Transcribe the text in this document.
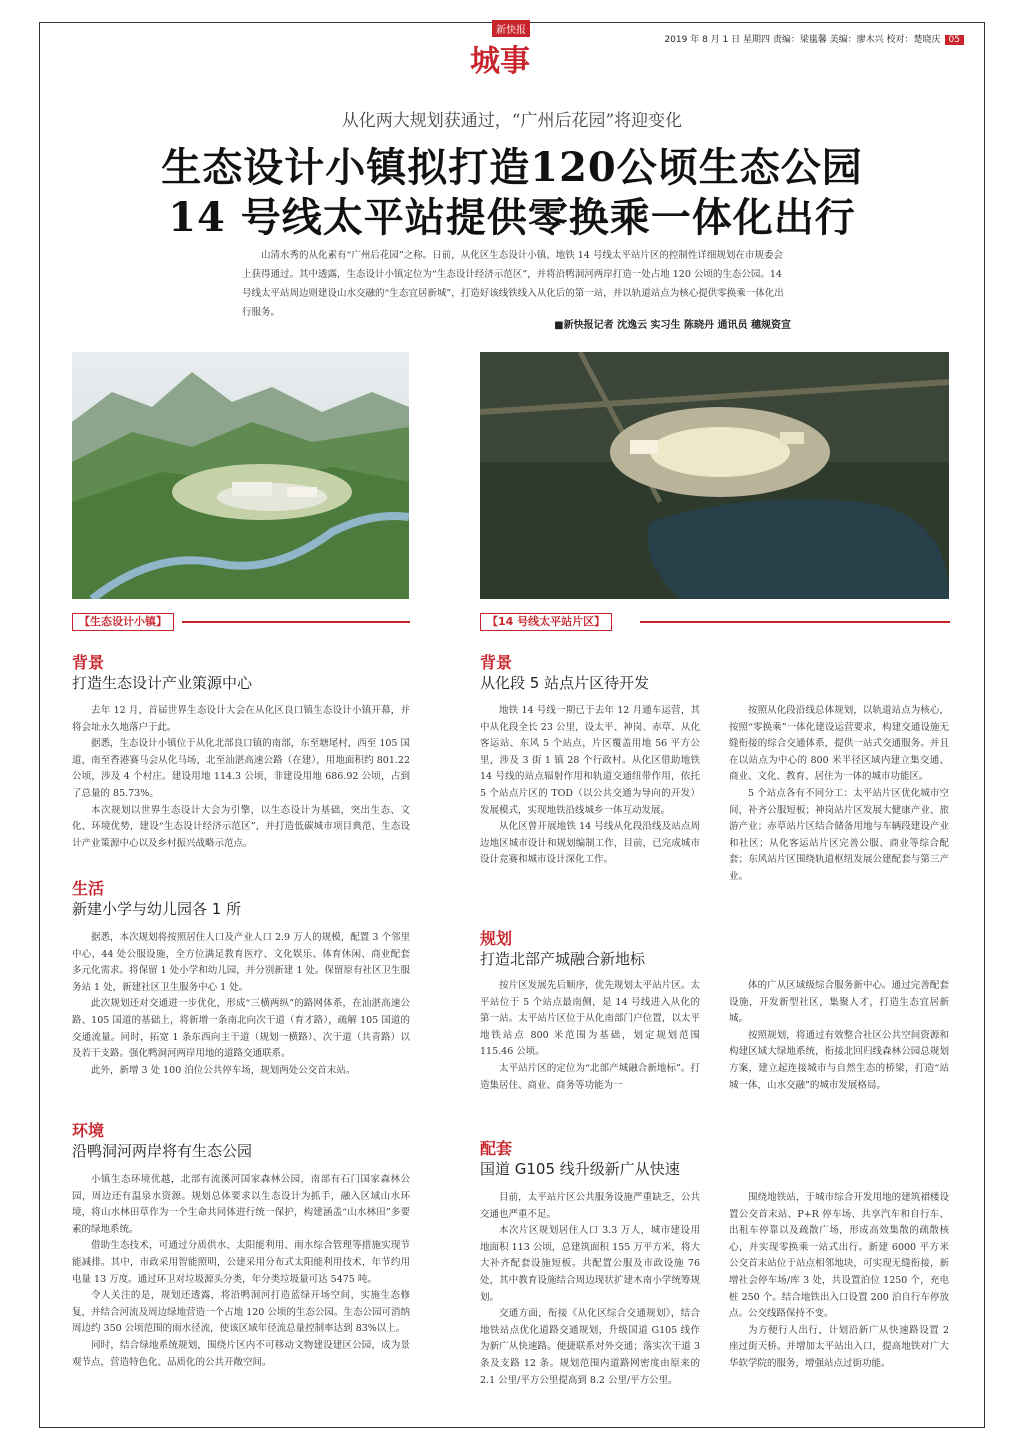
新快报
城事
2019 年 8 月 1 日 星期四 责编：梁嵐馨 美编：廖木兴 校对：楚晓庆 05
从化两大规划获通过，“广州后花园”将迎变化
生态设计小镇拟打造120公顷生态公园
14 号线太平站提供零换乘一体化出行
山清水秀的从化素有“广州后花园”之称。日前，从化区生态设计小镇、地铁 14 号线太平站片区的控制性详细规划在市规委会上获得通过。其中透露，生态设计小镇定位为“生态设计经济示范区”，并将沿鸭洞河两岸打造一处占地 120 公顷的生态公园。14 号线太平站周边则建设山水交融的“生态宜居新城”，打造好该线铁线入从化后的第一站，并以轨道站点为核心提供零换乘一体化出行服务。
■新快报记者 沈逸云 实习生 陈晓丹 通讯员 穗规资宣
【生态设计小镇】	【14 号线太平站片区】
背景
打造生态设计产业策源中心

去年 12 月，首届世界生态设计大会在从化区良口镇生态设计小镇开幕，并将会址永久地落户于此。

据悉，生态设计小镇位于从化北部良口镇的南部，东至塘尾村，西至 105 国道，南至香港赛马会从化马场，北至汕湛高速公路（在建），用地面积约 801.22 公顷，涉及 4 个村庄。建设用地 114.3 公顷，非建设用地 686.92 公顷，占到了总量的 85.73%。

本次规划以世界生态设计大会为引擎，以生态设计为基础，突出生态、文化、环境优势，建设“生态设计经济示范区”，并打造低碳城市项目典范、生态设计产业策源中心以及乡村振兴战略示范点。

生活
新建小学与幼儿园各 1 所

据悉，本次规划将按照居住人口及产业人口 2.9 万人的规模，配置 3 个邻里中心，44 处公服设施，全方位满足教育医疗、文化娱乐、体育休闲、商业配套多元化需求。将保留 1 处小学和幼儿园，并分别新建 1 处。保留原有社区卫生服务站 1 处，新建社区卫生服务中心 1 处。

此次规划还对交通进一步优化，形成“三横两纵”的路网体系，在汕湛高速公路、105 国道的基础上，将新增一条南北向次干道（育才路），疏解 105 国道的交通流量。同时，拓宽 1 条东西向主干道（规划一横路）、次干道（共青路）以及若干支路。强化鸭洞河两岸用地的道路交通联系。

此外，新增 3 处 100 泊位公共停车场，规划两处公交首末站。

环境
沿鸭洞河两岸将有生态公园

小镇生态环境优越，北部有流溪河国家森林公园，南部有石门国家森林公园，周边还有温泉水资源。规划总体要求以生态设计为抓手，融入区域山水环境，将山水林田草作为一个生命共同体进行统一保护，构建涵盖“山水林田”多要素的绿地系统。

借助生态技术，可通过分质供水、太阳能利用、雨水综合管理等措施实现节能减排。其中，市政采用智能照明，公建采用分布式太阳能利用技术，年节约用电量 13 万度。通过环卫对垃圾源头分类，年分类垃圾量可达 5475 吨。

令人关注的是，规划还透露，将沿鸭洞河打造蓝绿开场空间，实施生态修复，并结合河流及周边绿地营造一个占地 120 公顷的生态公园。生态公园可消纳周边约 350 公顷范围的雨水径流，使该区域年径流总量控制率达到 83%以上。

同时，结合绿地系统规划，围绕片区内不可移动文物建设建区公园，成为景观节点，营造特色化、品质化的公共开敞空间。

背景
从化段 5 站点片区待开发

地铁 14 号线一期已于去年 12 月通车运营，其中从化段全长 23 公里，设太平、神岗、赤草、从化客运站、东风 5 个站点，片区覆盖用地 56 平方公里，涉及 3 街 1 镇 28 个行政村。从化区借助地铁 14 号线的站点辐射作用和轨道交通纽带作用，依托 5 个站点片区的 TOD（以公共交通为导向的开发）发展模式，实现地铁沿线城乡一体互动发展。

从化区曾开展地铁 14 号线从化段沿线及站点周边地区城市设计和规划编制工作，目前，已完成城市设计竞赛和城市设计深化工作。

按照从化段沿线总体规划，以轨道站点为核心，按照“零换乘”一体化建设运营要求，构建交通设施无缝衔接的综合交通体系，提供一站式交通服务。并且在以站点为中心的 800 米半径区域内建立集交通、商业、文化、教育、居住为一体的城市功能区。

5 个站点各有不同分工：太平站片区优化城市空间，补齐公服短板；神岗站片区发展大健康产业、旅游产业；赤草站片区结合储备用地与车辆段建设产业和社区；从化客运站片区完善公服、商业等综合配套；东风站片区围绕轨道枢纽发展公建配套与第三产业。

规划
打造北部产城融合新地标

按片区发展先后顺序，优先规划太平站片区。太平站位于 5 个站点最南侧，是 14 号线进入从化的第一站。太平站片区位于从化南部门户位置，以太平地铁站点 800 米范围为基础，划定规划范围 115.46 公顷。

太平站片区的定位为“北部产城融合新地标”。打造集居住、商业、商务等功能为一

体的广从区域级综合服务新中心。通过完善配套设施，开发新型社区，集聚人才，打造生态宜居新城。

按照规划，将通过有效整合社区公共空间资源和构建区域大绿地系统，衔接北回归线森林公园总规划方案，建立起连接城市与自然生态的桥梁，打造“站城一体，山水交融”的城市发展格局。

配套
国道 G105 线升级新广从快速

目前，太平站片区公共服务设施严重缺乏，公共交通也严重不足。

本次片区规划居住人口 3.3 万人，城市建设用地面积 113 公顷，总建筑面积 155 万平方米，将大大补齐配套设施短板。共配置公服及市政设施 76 处，其中教育设施结合周边现状扩建木南小学统筹规划。

交通方面，衔接《从化区综合交通规划》，结合地铁站点优化道路交通规划，升级国道 G105 线作为新广从快速路。便捷联系对外交通；落实次干道 3 条及支路 12 条。规划范围内道路网密度由原来的 2.1 公里/平方公里提高到 8.2 公里/平方公里。

围绕地铁站，于城市综合开发用地的建筑裙楼设置公交首末站、P+R 停车场、共享汽车和自行车、出租车停靠以及疏散广场，形成高效集散的疏散核心，并实现零换乘一站式出行。新建 6000 平方米公交首末站位于站点相邻地块，可实现无缝衔接，新增社会停车场/库 3 处，共设置泊位 1250 个，充电桩 250 个。结合地铁出入口设置 200 泊自行车停放点。公交线路保持不变。

为方便行人出行，计划沿新广从快速路设置 2 座过街天桥。并增加太平站出入口，提高地铁对广大华软学院的服务，增强站点过街功能。
